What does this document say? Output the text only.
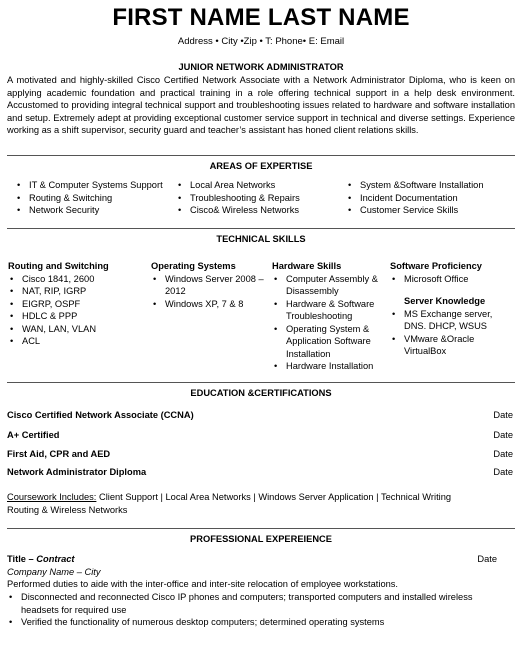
FIRST NAME LAST NAME
Address • City •Zip • T: Phone• E: Email
JUNIOR NETWORK ADMINISTRATOR
A motivated and highly-skilled Cisco Certified Network Associate with a Network Administrator Diploma, who is keen on applying academic foundation and practical training in a role offering technical support in a help desk environment. Accustomed to providing integral technical support and troubleshooting issues related to hardware and software installation and setup. Extremely adept at providing exceptional customer service support in technical and diverse settings. Experience working as a shift supervisor, security guard and teacher’s assistant has honed client relations skills.
AREAS OF EXPERTISE
• IT & Computer Systems Support
• Routing & Switching
• Network Security
• Local Area Networks
• Troubleshooting & Repairs
• Cisco& Wireless Networks
• System &Software Installation
• Incident Documentation
• Customer Service Skills
TECHNICAL SKILLS
Routing and Switching
• Cisco 1841, 2600
• NAT, RIP, IGRP
• EIGRP, OSPF
• HDLC & PPP
• WAN, LAN, VLAN
• ACL
Operating Systems
• Windows Server 2008 – 2012
• Windows XP, 7 & 8
Hardware Skills
• Computer Assembly & Disassembly
• Hardware & Software Troubleshooting
• Operating System & Application Software Installation
• Hardware Installation
Software Proficiency
• Microsoft Office
Server Knowledge
• MS Exchange server, DNS. DHCP, WSUS
• VMware &Oracle VirtualBox
EDUCATION &CERTIFICATIONS
Cisco Certified Network Associate (CCNA)	Date
A+ Certified	Date
First Aid, CPR and AED	Date
Network Administrator Diploma	Date
Coursework Includes: Client Support | Local Area Networks | Windows Server Application | Technical Writing Routing & Wireless Networks
PROFESSIONAL EXPEREIENCE
Title – Contract	Date
Company Name – City
Performed duties to aide with the inter-office and inter-site relocation of employee workstations.
• Disconnected and reconnected Cisco IP phones and computers; transported computers and installed wireless headsets for required use
• Verified the functionality of numerous desktop computers; determined operating systems
